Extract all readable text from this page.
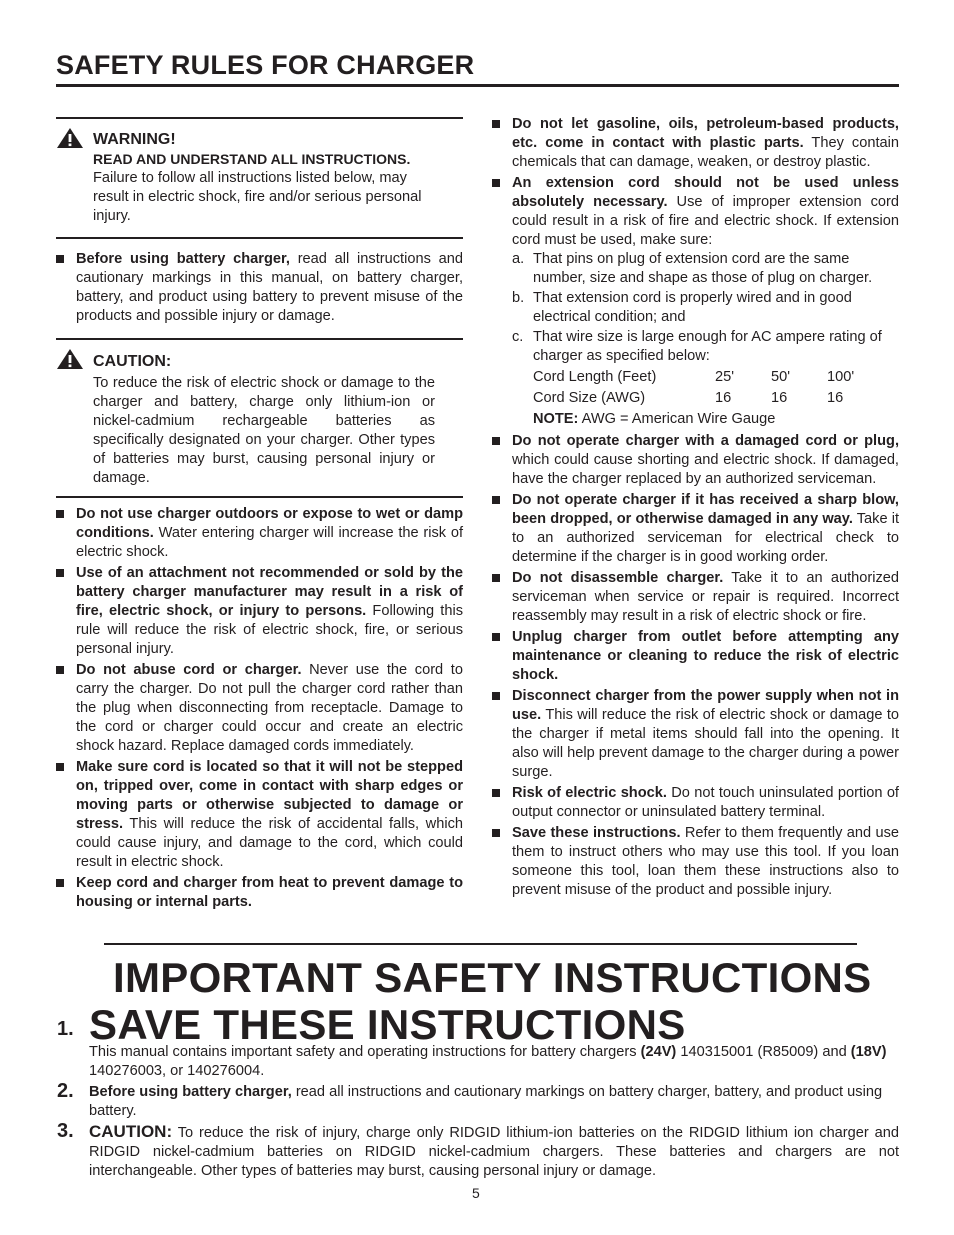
SAFETY RULES FOR CHARGER

WARNING!

READ AND UNDERSTAND ALL INSTRUCTIONS.

Failure to follow all instructions listed below, may result in electric shock, fire and/or serious personal injury.

Before using battery charger, read all instructions and cautionary markings in this manual, on battery charger, battery, and product using battery to prevent misuse of the products and possible injury or damage.

CAUTION:

To reduce the risk of electric shock or damage to the charger and battery, charge only lithium-ion or nickel-cadmium rechargeable batteries as specifically designated on your charger. Other types of batteries may burst, causing personal injury or damage.

Do not use charger outdoors or expose to wet or damp conditions. Water entering charger will increase the risk of electric shock.
Use of an attachment not recommended or sold by the battery charger manufacturer may result in a risk of fire, electric shock, or injury to persons. Following this rule will reduce the risk of electric shock, fire, or serious personal injury.
Do not abuse cord or charger. Never use the cord to carry the charger. Do not pull the charger cord rather than the plug when disconnecting from receptacle. Damage to the cord or charger could occur and create an electric shock hazard. Replace damaged cords immediately.
Make sure cord is located so that it will not be stepped on, tripped over, come in contact with sharp edges or moving parts or otherwise subjected to damage or stress. This will reduce the risk of accidental falls, which could cause injury, and damage to the cord, which could result in electric shock.
Keep cord and charger from heat to prevent damage to housing or internal parts.
Do not let gasoline, oils, petroleum-based products, etc. come in contact with plastic parts. They contain chemicals that can damage, weaken, or destroy plastic.
An extension cord should not be used unless absolutely necessary. Use of improper extension cord could result in a risk of fire and electric shock. If extension cord must be used, make sure:
a. That pins on plug of extension cord are the same number, size and shape as those of plug on charger.
b. That extension cord is properly wired and in good electrical condition; and
c. That wire size is large enough for AC ampere rating of charger as specified below:
Cord Length (Feet)	25'	50'	100'
Cord Size (AWG)	16	16	16
NOTE: AWG = American Wire Gauge
Do not operate charger with a damaged cord or plug, which could cause shorting and electric shock. If damaged, have the charger replaced by an authorized serviceman.
Do not operate charger if it has received a sharp blow, been dropped, or otherwise damaged in any way. Take it to an authorized serviceman for electrical check to determine if the charger is in good working order.
Do not disassemble charger. Take it to an authorized serviceman when service or repair is required. Incorrect reassembly may result in a risk of electric shock or fire.
Unplug charger from outlet before attempting any maintenance or cleaning to reduce the risk of electric shock.
Disconnect charger from the power supply when not in use. This will reduce the risk of electric shock or damage to the charger if metal items should fall into the opening. It also will help prevent damage to the charger during a power surge.
Risk of electric shock. Do not touch uninsulated portion of output connector or uninsulated battery terminal.
Save these instructions. Refer to them frequently and use them to instruct others who may use this tool. If you loan someone this tool, loan them these instructions also to prevent misuse of the product and possible injury.
IMPORTANT SAFETY INSTRUCTIONS
1. SAVE THESE INSTRUCTIONS
This manual contains important safety and operating instructions for battery chargers (24V) 140315001 (R85009) and (18V) 140276003, or 140276004.
2. Before using battery charger, read all instructions and cautionary markings on battery charger, battery, and product using battery.
3. CAUTION: To reduce the risk of injury, charge only RIDGID lithium-ion batteries on the RIDGID lithium ion charger and RIDGID nickel-cadmium batteries on RIDGID nickel-cadmium chargers. These batteries and chargers are not interchangeable. Other types of batteries may burst, causing personal injury or damage.
5
